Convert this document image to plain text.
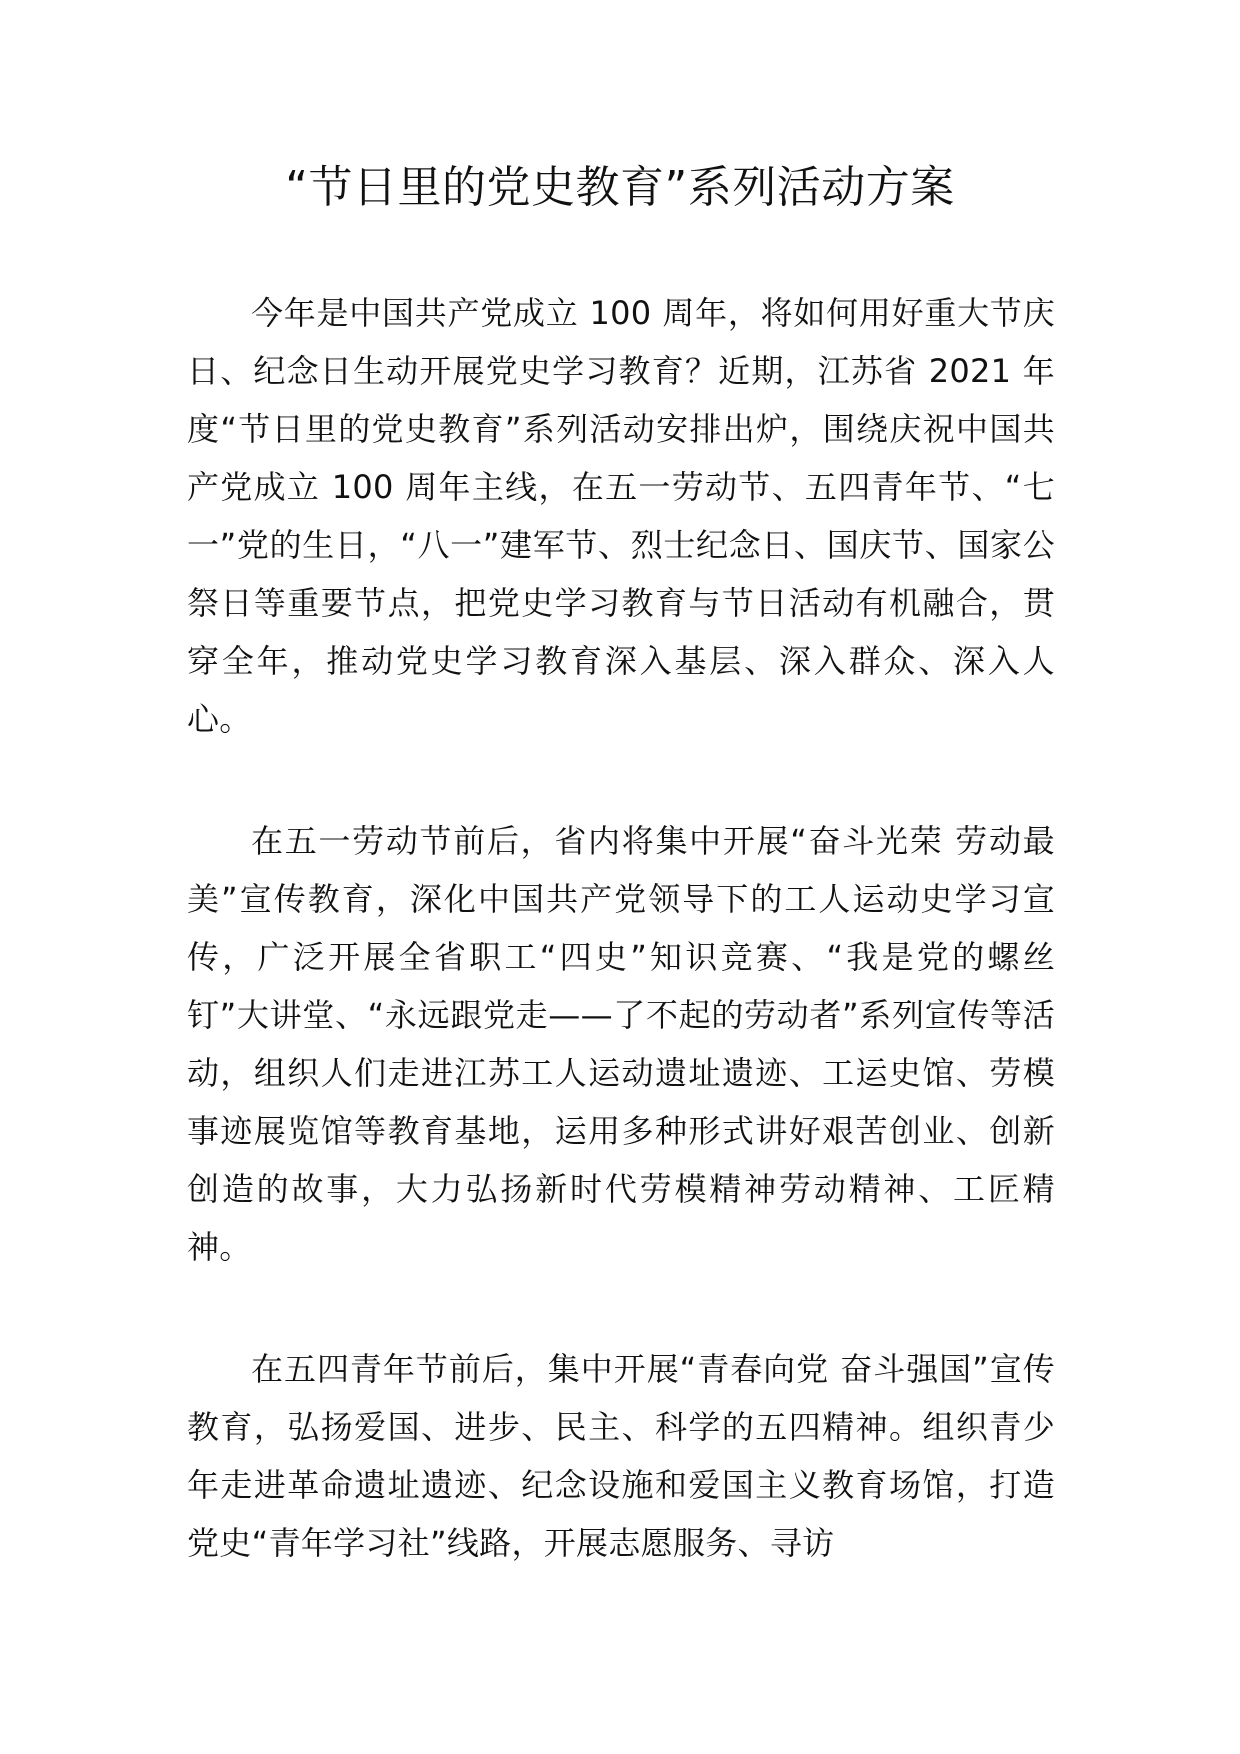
“节日里的党史教育”系列活动方案

今年是中国共产党成立 100 周年，将如何用好重大节庆日、纪念日生动开展党史学习教育？近期，江苏省 2021 年度“节日里的党史教育”系列活动安排出炉，围绕庆祝中国共产党成立 100 周年主线，在五一劳动节、五四青年节、“七一”党的生日，“八一”建军节、烈士纪念日、国庆节、国家公祭日等重要节点，把党史学习教育与节日活动有机融合，贯穿全年，推动党史学习教育深入基层、深入群众、深入人心。

在五一劳动节前后，省内将集中开展“奋斗光荣 劳动最美”宣传教育，深化中国共产党领导下的工人运动史学习宣传，广泛开展全省职工“四史”知识竞赛、“我是党的螺丝钉”大讲堂、“永远跟党走——了不起的劳动者”系列宣传等活动，组织人们走进江苏工人运动遗址遗迹、工运史馆、劳模事迹展览馆等教育基地，运用多种形式讲好艰苦创业、创新创造的故事，大力弘扬新时代劳模精神劳动精神、工匠精神。

在五四青年节前后，集中开展“青春向党 奋斗强国”宣传教育，弘扬爱国、进步、民主、科学的五四精神。组织青少年走进革命遗址遗迹、纪念设施和爱国主义教育场馆，打造党史“青年学习社”线路，开展志愿服务、寻访
